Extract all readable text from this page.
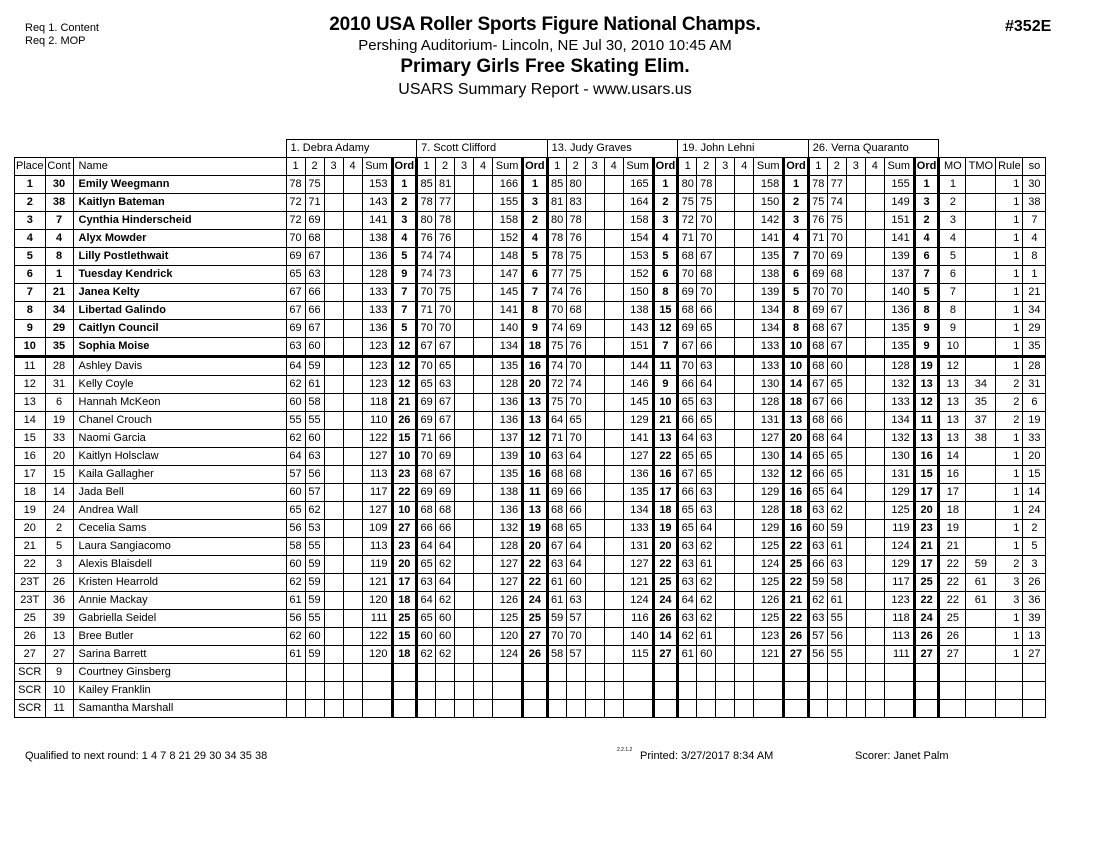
Req 1. Content
Req 2. MOP
#352E
2010 USA Roller Sports Figure National Champs.
Pershing Auditorium- Lincoln, NE Jul 30, 2010 10:45 AM
Primary Girls Free Skating Elim.
USARS Summary Report - www.usars.us
			1. Debra Adamy						7. Scott Clifford						13. Judy Graves						19. John Lehni						26. Verna Quaranto									
Place	Cont	Name	1	2	3	4	Sum	Ord	1	2	3	4	Sum	Ord	1	2	3	4	Sum	Ord	1	2	3	4	Sum	Ord	1	2	3	4	Sum	Ord	MO	TMO	Rule	so
1	30	Emily Weegmann	78	75			153	1	85	81			166	1	85	80			165	1	80	78			158	1	78	77			155	1	1		1	30
2	38	Kaitlyn Bateman	72	71			143	2	78	77			155	3	81	83			164	2	75	75			150	2	75	74			149	3	2		1	38
3	7	Cynthia Hinderscheid	72	69			141	3	80	78			158	2	80	78			158	3	72	70			142	3	76	75			151	2	3		1	7
4	4	Alyx Mowder	70	68			138	4	76	76			152	4	78	76			154	4	71	70			141	4	71	70			141	4	4		1	4
5	8	Lilly Postlethwait	69	67			136	5	74	74			148	5	78	75			153	5	68	67			135	7	70	69			139	6	5		1	8
6	1	Tuesday Kendrick	65	63			128	9	74	73			147	6	77	75			152	6	70	68			138	6	69	68			137	7	6		1	1
7	21	Janea Kelty	67	66			133	7	70	75			145	7	74	76			150	8	69	70			139	5	70	70			140	5	7		1	21
8	34	Libertad Galindo	67	66			133	7	71	70			141	8	70	68			138	15	68	66			134	8	69	67			136	8	8		1	34
9	29	Caitlyn Council	69	67			136	5	70	70			140	9	74	69			143	12	69	65			134	8	68	67			135	9	9		1	29
10	35	Sophia Moise	63	60			123	12	67	67			134	18	75	76			151	7	67	66			133	10	68	67			135	9	10		1	35
11	28	Ashley Davis	64	59			123	12	70	65			135	16	74	70			144	11	70	63			133	10	68	60			128	19	12		1	28
12	31	Kelly Coyle	62	61			123	12	65	63			128	20	72	74			146	9	66	64			130	14	67	65			132	13	13	34	2	31
13	6	Hannah McKeon	60	58			118	21	69	67			136	13	75	70			145	10	65	63			128	18	67	66			133	12	13	35	2	6
14	19	Chanel Crouch	55	55			110	26	69	67			136	13	64	65			129	21	66	65			131	13	68	66			134	11	13	37	2	19
15	33	Naomi Garcia	62	60			122	15	71	66			137	12	71	70			141	13	64	63			127	20	68	64			132	13	13	38	1	33
16	20	Kaitlyn Holsclaw	64	63			127	10	70	69			139	10	63	64			127	22	65	65			130	14	65	65			130	16	14		1	20
17	15	Kaila Gallagher	57	56			113	23	68	67			135	16	68	68			136	16	67	65			132	12	66	65			131	15	16		1	15
18	14	Jada Bell	60	57			117	22	69	69			138	11	69	66			135	17	66	63			129	16	65	64			129	17	17		1	14
19	24	Andrea Wall	65	62			127	10	68	68			136	13	68	66			134	18	65	63			128	18	63	62			125	20	18		1	24
20	2	Cecelia Sams	56	53			109	27	66	66			132	19	68	65			133	19	65	64			129	16	60	59			119	23	19		1	2
21	5	Laura Sangiacomo	58	55			113	23	64	64			128	20	67	64			131	20	63	62			125	22	63	61			124	21	21		1	5
22	3	Alexis Blaisdell	60	59			119	20	65	62			127	22	63	64			127	22	63	61			124	25	66	63			129	17	22	59	2	3
23T	26	Kristen Hearrold	62	59			121	17	63	64			127	22	61	60			121	25	63	62			125	22	59	58			117	25	22	61	3	26
23T	36	Annie Mackay	61	59			120	18	64	62			126	24	61	63			124	24	64	62			126	21	62	61			123	22	22	61	3	36
25	39	Gabriella Seidel	56	55			111	25	65	60			125	25	59	57			116	26	63	62			125	22	63	55			118	24	25		1	39
26	13	Bree Butler	62	60			122	15	60	60			120	27	70	70			140	14	62	61			123	26	57	56			113	26	26		1	13
27	27	Sarina Barrett	61	59			120	18	62	62			124	26	58	57			115	27	61	60			121	27	56	55			111	27	27		1	27
SCR	9	Courtney Ginsberg																																		
SCR	10	Kailey Franklin																																		
SCR	11	Samantha Marshall																																		
Qualified to next round: 1 4 7 8 21 29 30 34 35 38	2.2.1.2 Printed: 3/27/2017 8:34 AM	Scorer: Janet Palm
